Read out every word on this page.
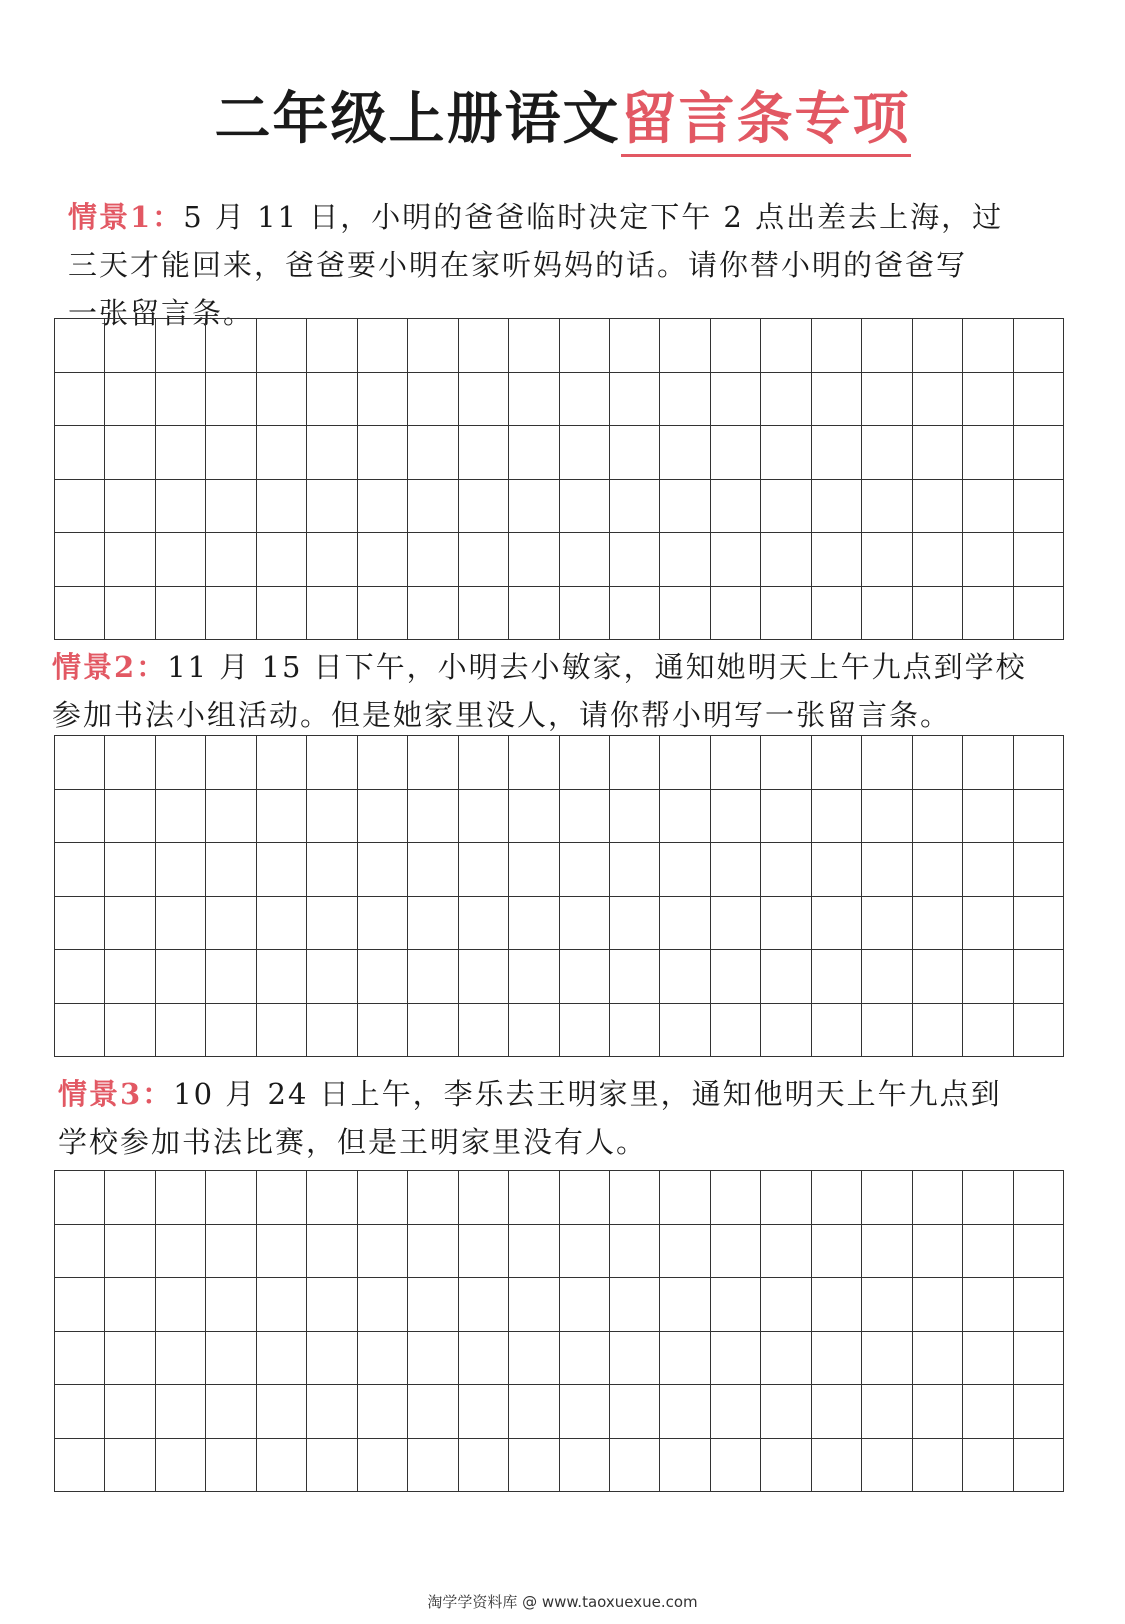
二年级上册语文留言条专项
情景1：5 月 11 日，小明的爸爸临时决定下午 2 点出差去上海，过
三天才能回来，爸爸要小明在家听妈妈的话。请你替小明的爸爸写
一张留言条。
情景2：11 月 15 日下午，小明去小敏家，通知她明天上午九点到学校
参加书法小组活动。但是她家里没人，请你帮小明写一张留言条。
情景3：10 月 24 日上午，李乐去王明家里，通知他明天上午九点到
学校参加书法比赛，但是王明家里没有人。
淘学学资料库 @ www.taoxuexue.com
